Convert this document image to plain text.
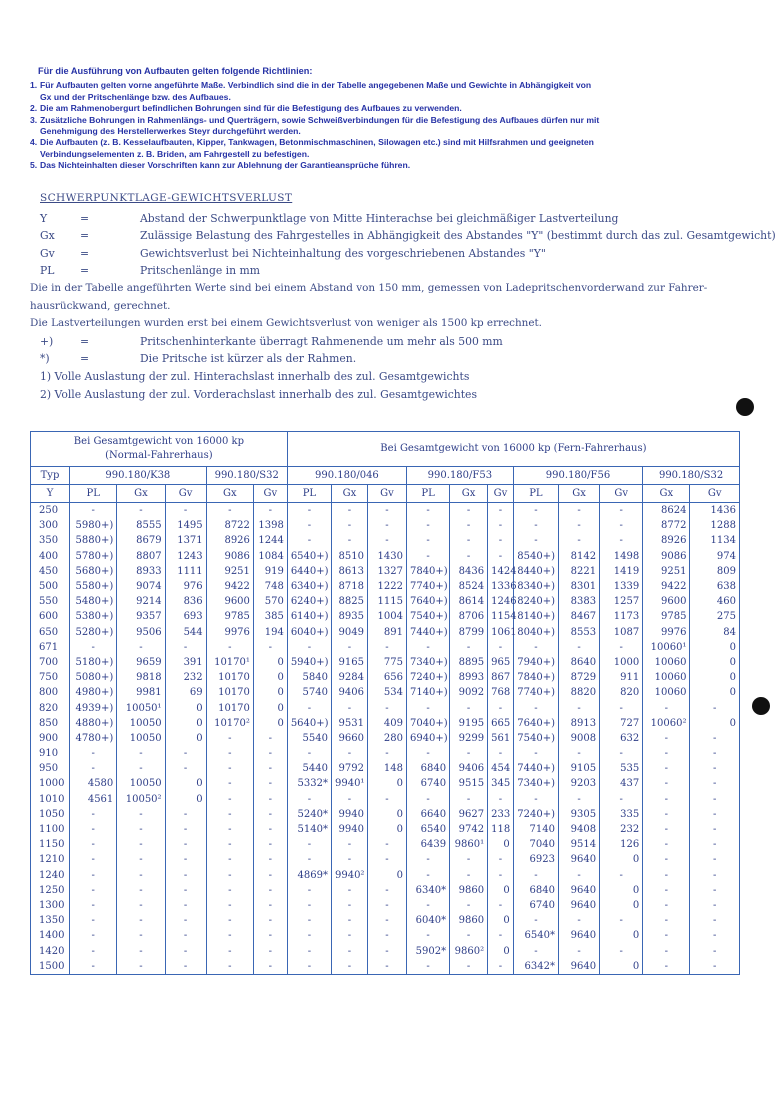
Für die Ausführung von Aufbauten gelten folgende Richtlinien:
1. Für Aufbauten gelten vorne angeführte Maße. Verbindlich sind die in der Tabelle angegebenen Maße und Gewichte in Abhängigkeit von
Gx und der Pritschenlänge bzw. des Aufbaues.
2. Die am Rahmenobergurt befindlichen Bohrungen sind für die Befestigung des Aufbaues zu verwenden.
3. Zusätzliche Bohrungen in Rahmenlängs- und Querträgern, sowie Schweißverbindungen für die Befestigung des Aufbaues dürfen nur mit
Genehmigung des Herstellerwerkes Steyr durchgeführt werden.
4. Die Aufbauten (z. B. Kesselaufbauten, Kipper, Tankwagen, Betonmischmaschinen, Silowagen etc.) sind mit Hilfsrahmen und geeigneten
Verbindungselementen z. B. Briden, am Fahrgestell zu befestigen.
5. Das Nichteinhalten dieser Vorschriften kann zur Ablehnung der Garantieansprüche führen.
SCHWERPUNKTLAGE-GEWICHTSVERLUST
Y	=	Abstand der Schwerpunktlage von Mitte Hinterachse bei gleichmäßiger Lastverteilung
Gx	=	Zulässige Belastung des Fahrgestelles in Abhängigkeit des Abstandes "Y" (bestimmt durch das zul. Gesamtgewicht)
Gv	=	Gewichtsverlust bei Nichteinhaltung des vorgeschriebenen Abstandes "Y"
PL	=	Pritschenlänge in mm
Die in der Tabelle angeführten Werte sind bei einem Abstand von 150 mm, gemessen von Ladepritschenvorderwand zur Fahrer-
hausrückwand, gerechnet.
Die Lastverteilungen wurden erst bei einem Gewichtsverlust von weniger als 1500 kp errechnet.
+)	=	Pritschenhinterkante überragt Rahmenende um mehr als 500 mm
*)	=	Die Pritsche ist kürzer als der Rahmen.
1) Volle Auslastung der zul. Hinterachslast innerhalb des zul. Gesamtgewichts
2) Volle Auslastung der zul. Vorderachslast innerhalb des zul. Gesamtgewichtes
Bei Gesamtgewicht von 16000 kp
(Normal-Fahrerhaus)						Bei Gesamtgewicht von 16000 kp (Fern-Fahrerhaus)										
Typ	990.180/K38			990.180/S32		990.180/046			990.180/F53			990.180/F56			990.180/S32	
Y	PL	Gx	Gv	Gx	Gv	PL	Gx	Gv	PL	Gx	Gv	PL	Gx	Gv	Gx	Gv
250	-	-	-	-	-	-	-	-	-	-	-	-	-	-	8624	1436
300	5980+)	8555	1495	8722	1398	-	-	-	-	-	-	-	-	-	8772	1288
350	5880+)	8679	1371	8926	1244	-	-	-	-	-	-	-	-	-	8926	1134
400	5780+)	8807	1243	9086	1084	6540+)	8510	1430	-	-	-	8540+)	8142	1498	9086	974
450	5680+)	8933	1111	9251	919	6440+)	8613	1327	7840+)	8436	1424	8440+)	8221	1419	9251	809
500	5580+)	9074	976	9422	748	6340+)	8718	1222	7740+)	8524	1336	8340+)	8301	1339	9422	638
550	5480+)	9214	836	9600	570	6240+)	8825	1115	7640+)	8614	1246	8240+)	8383	1257	9600	460
600	5380+)	9357	693	9785	385	6140+)	8935	1004	7540+)	8706	1154	8140+)	8467	1173	9785	275
650	5280+)	9506	544	9976	194	6040+)	9049	891	7440+)	8799	1061	8040+)	8553	1087	9976	84
671	-	-	-	-	-	-	-	-	-	-	-	-	-	-	10060¹	0
700	5180+)	9659	391	10170¹	0	5940+)	9165	775	7340+)	8895	965	7940+)	8640	1000	10060	0
750	5080+)	9818	232	10170	0	5840	9284	656	7240+)	8993	867	7840+)	8729	911	10060	0
800	4980+)	9981	69	10170	0	5740	9406	534	7140+)	9092	768	7740+)	8820	820	10060	0
820	4939+)	10050¹	0	10170	0	-	-	-	-	-	-	-	-	-	-	-
850	4880+)	10050	0	10170²	0	5640+)	9531	409	7040+)	9195	665	7640+)	8913	727	10060²	0
900	4780+)	10050	0	-	-	5540	9660	280	6940+)	9299	561	7540+)	9008	632	-	-
910	-	-	-	-	-	-	-	-	-	-	-	-	-	-	-	-
950	-	-	-	-	-	5440	9792	148	6840	9406	454	7440+)	9105	535	-	-
1000	4580	10050	0	-	-	5332*	9940¹	0	6740	9515	345	7340+)	9203	437	-	-
1010	4561	10050²	0	-	-	-	-	-	-	-	-	-	-	-	-	-
1050	-	-	-	-	-	5240*	9940	0	6640	9627	233	7240+)	9305	335	-	-
1100	-	-	-	-	-	5140*	9940	0	6540	9742	118	7140	9408	232	-	-
1150	-	-	-	-	-	-	-	-	6439	9860¹	0	7040	9514	126	-	-
1210	-	-	-	-	-	-	-	-	-	-	-	6923	9640	0	-	-
1240	-	-	-	-	-	4869*	9940²	0	-	-	-	-	-	-	-	-
1250	-	-	-	-	-	-	-	-	6340*	9860	0	6840	9640	0	-	-
1300	-	-	-	-	-	-	-	-	-	-	-	6740	9640	0	-	-
1350	-	-	-	-	-	-	-	-	6040*	9860	0	-	-	-	-	-
1400	-	-	-	-	-	-	-	-	-	-	-	6540*	9640	0	-	-
1420	-	-	-	-	-	-	-	-	5902*	9860²	0	-	-	-	-	-
1500	-	-	-	-	-	-	-	-	-	-	-	6342*	9640	0	-	-
